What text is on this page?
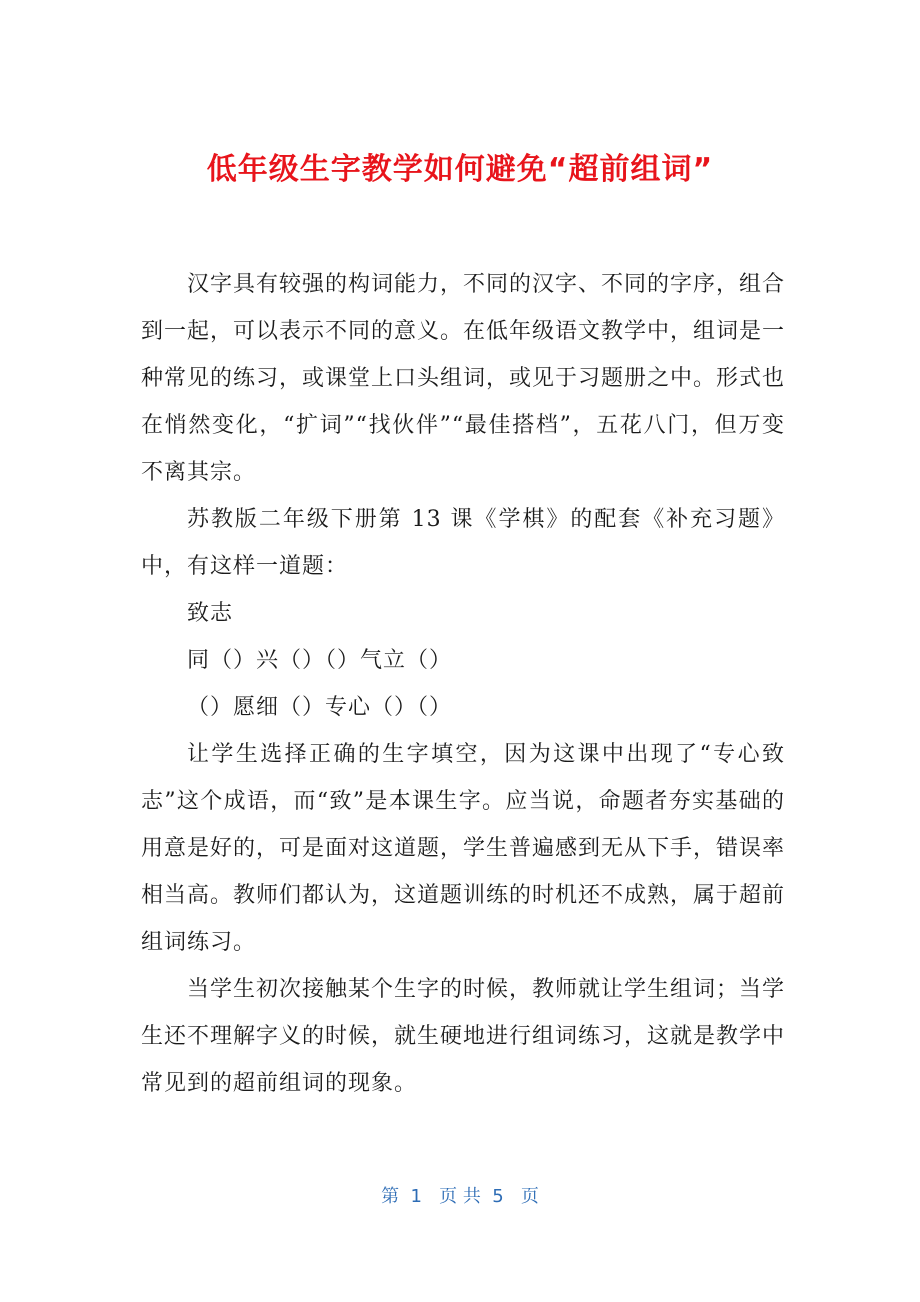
低年级生字教学如何避免“超前组词”

汉字具有较强的构词能力，不同的汉字、不同的字序，组合到一起，可以表示不同的意义。在低年级语文教学中，组词是一种常见的练习，或课堂上口头组词，或见于习题册之中。形式也在悄然变化，“扩词”“找伙伴”“最佳搭档”，五花八门，但万变不离其宗。

苏教版二年级下册第 13 课《学棋》的配套《补充习题》中，有这样一道题：

致志

同（）兴（）（）气立（）

（）愿细（）专心（）（）

让学生选择正确的生字填空，因为这课中出现了“专心致志”这个成语，而“致”是本课生字。应当说，命题者夯实基础的用意是好的，可是面对这道题，学生普遍感到无从下手，错误率相当高。教师们都认为，这道题训练的时机还不成熟，属于超前组词练习。

当学生初次接触某个生字的时候，教师就让学生组词；当学生还不理解字义的时候，就生硬地进行组词练习，这就是教学中常见到的超前组词的现象。

第  1   页 共  5   页
